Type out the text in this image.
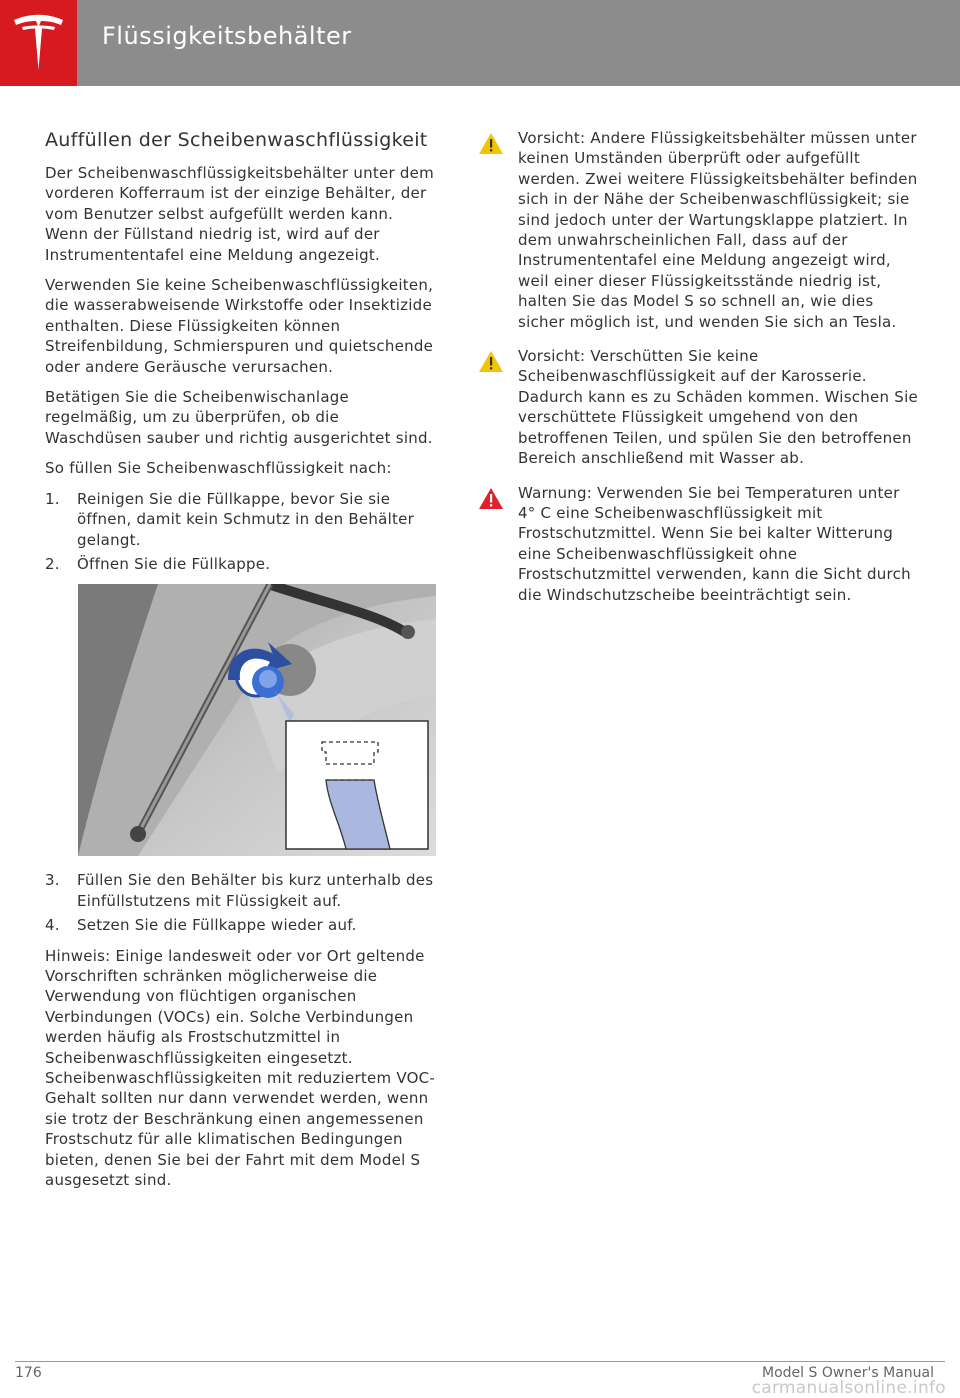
Flüssigkeitsbehälter
Auffüllen der Scheibenwaschflüssigkeit

Der Scheibenwaschflüssigkeitsbehälter unter dem vorderen Kofferraum ist der einzige Behälter, der vom Benutzer selbst aufgefüllt werden kann. Wenn der Füllstand niedrig ist, wird auf der Instrumententafel eine Meldung angezeigt.

Verwenden Sie keine Scheibenwaschflüssigkeiten, die wasserabweisende Wirkstoffe oder Insektizide enthalten. Diese Flüssigkeiten können Streifenbildung, Schmierspuren und quietschende oder andere Geräusche verursachen.

Betätigen Sie die Scheibenwischanlage regelmäßig, um zu überprüfen, ob die Waschdüsen sauber und richtig ausgerichtet sind.

So füllen Sie Scheibenwaschflüssigkeit nach:

1. Reinigen Sie die Füllkappe, bevor Sie sie öffnen, damit kein Schmutz in den Behälter gelangt.
2. Öffnen Sie die Füllkappe.
3. Füllen Sie den Behälter bis kurz unterhalb des Einfüllstutzens mit Flüssigkeit auf.
4. Setzen Sie die Füllkappe wieder auf.

Hinweis: Einige landesweit oder vor Ort geltende Vorschriften schränken möglicherweise die Verwendung von flüchtigen organischen Verbindungen (VOCs) ein. Solche Verbindungen werden häufig als Frostschutzmittel in Scheibenwaschflüssigkeiten eingesetzt. Scheibenwaschflüssigkeiten mit reduziertem VOC-Gehalt sollten nur dann verwendet werden, wenn sie trotz der Beschränkung einen angemessenen Frostschutz für alle klimatischen Bedingungen bieten, denen Sie bei der Fahrt mit dem Model S ausgesetzt sind.

Vorsicht: Andere Flüssigkeitsbehälter müssen unter keinen Umständen überprüft oder aufgefüllt werden. Zwei weitere Flüssigkeitsbehälter befinden sich in der Nähe der Scheibenwaschflüssigkeit; sie sind jedoch unter der Wartungsklappe platziert. In dem unwahrscheinlichen Fall, dass auf der Instrumententafel eine Meldung angezeigt wird, weil einer dieser Flüssigkeitsstände niedrig ist, halten Sie das Model S so schnell an, wie dies sicher möglich ist, und wenden Sie sich an Tesla.
Vorsicht: Verschütten Sie keine Scheibenwaschflüssigkeit auf der Karosserie. Dadurch kann es zu Schäden kommen. Wischen Sie verschüttete Flüssigkeit umgehend von den betroffenen Teilen, und spülen Sie den betroffenen Bereich anschließend mit Wasser ab.
Warnung: Verwenden Sie bei Temperaturen unter 4° C eine Scheibenwaschflüssigkeit mit Frostschutzmittel. Wenn Sie bei kalter Witterung eine Scheibenwaschflüssigkeit ohne Frostschutzmittel verwenden, kann die Sicht durch die Windschutzscheibe beeinträchtigt sein.
176	Model S Owner's Manual
carmanualsonline.info
